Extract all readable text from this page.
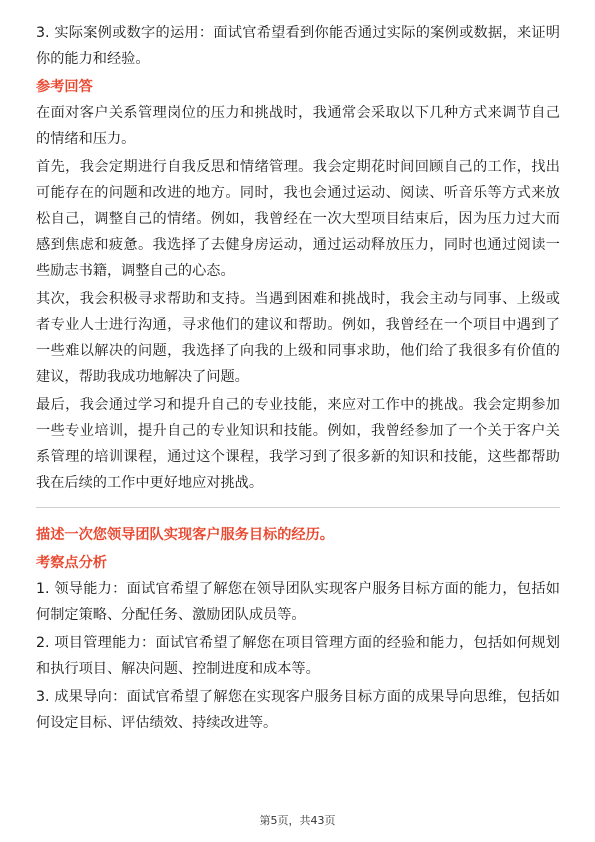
3. 实际案例或数字的运用：面试官希望看到你能否通过实际的案例或数据，来证明你的能力和经验。

参考回答

在面对客户关系管理岗位的压力和挑战时，我通常会采取以下几种方式来调节自己的情绪和压力。

首先，我会定期进行自我反思和情绪管理。我会定期花时间回顾自己的工作，找出可能存在的问题和改进的地方。同时，我也会通过运动、阅读、听音乐等方式来放松自己，调整自己的情绪。例如，我曾经在一次大型项目结束后，因为压力过大而感到焦虑和疲惫。我选择了去健身房运动，通过运动释放压力，同时也通过阅读一些励志书籍，调整自己的心态。

其次，我会积极寻求帮助和支持。当遇到困难和挑战时，我会主动与同事、上级或者专业人士进行沟通，寻求他们的建议和帮助。例如，我曾经在一个项目中遇到了一些难以解决的问题，我选择了向我的上级和同事求助，他们给了我很多有价值的建议，帮助我成功地解决了问题。

最后，我会通过学习和提升自己的专业技能，来应对工作中的挑战。我会定期参加一些专业培训，提升自己的专业知识和技能。例如，我曾经参加了一个关于客户关系管理的培训课程，通过这个课程，我学习到了很多新的知识和技能，这些都帮助我在后续的工作中更好地应对挑战。

描述一次您领导团队实现客户服务目标的经历。

考察点分析

1. 领导能力：面试官希望了解您在领导团队实现客户服务目标方面的能力，包括如何制定策略、分配任务、激励团队成员等。

2. 项目管理能力：面试官希望了解您在项目管理方面的经验和能力，包括如何规划和执行项目、解决问题、控制进度和成本等。

3. 成果导向：面试官希望了解您在实现客户服务目标方面的成果导向思维，包括如何设定目标、评估绩效、持续改进等。

第5页，共43页
